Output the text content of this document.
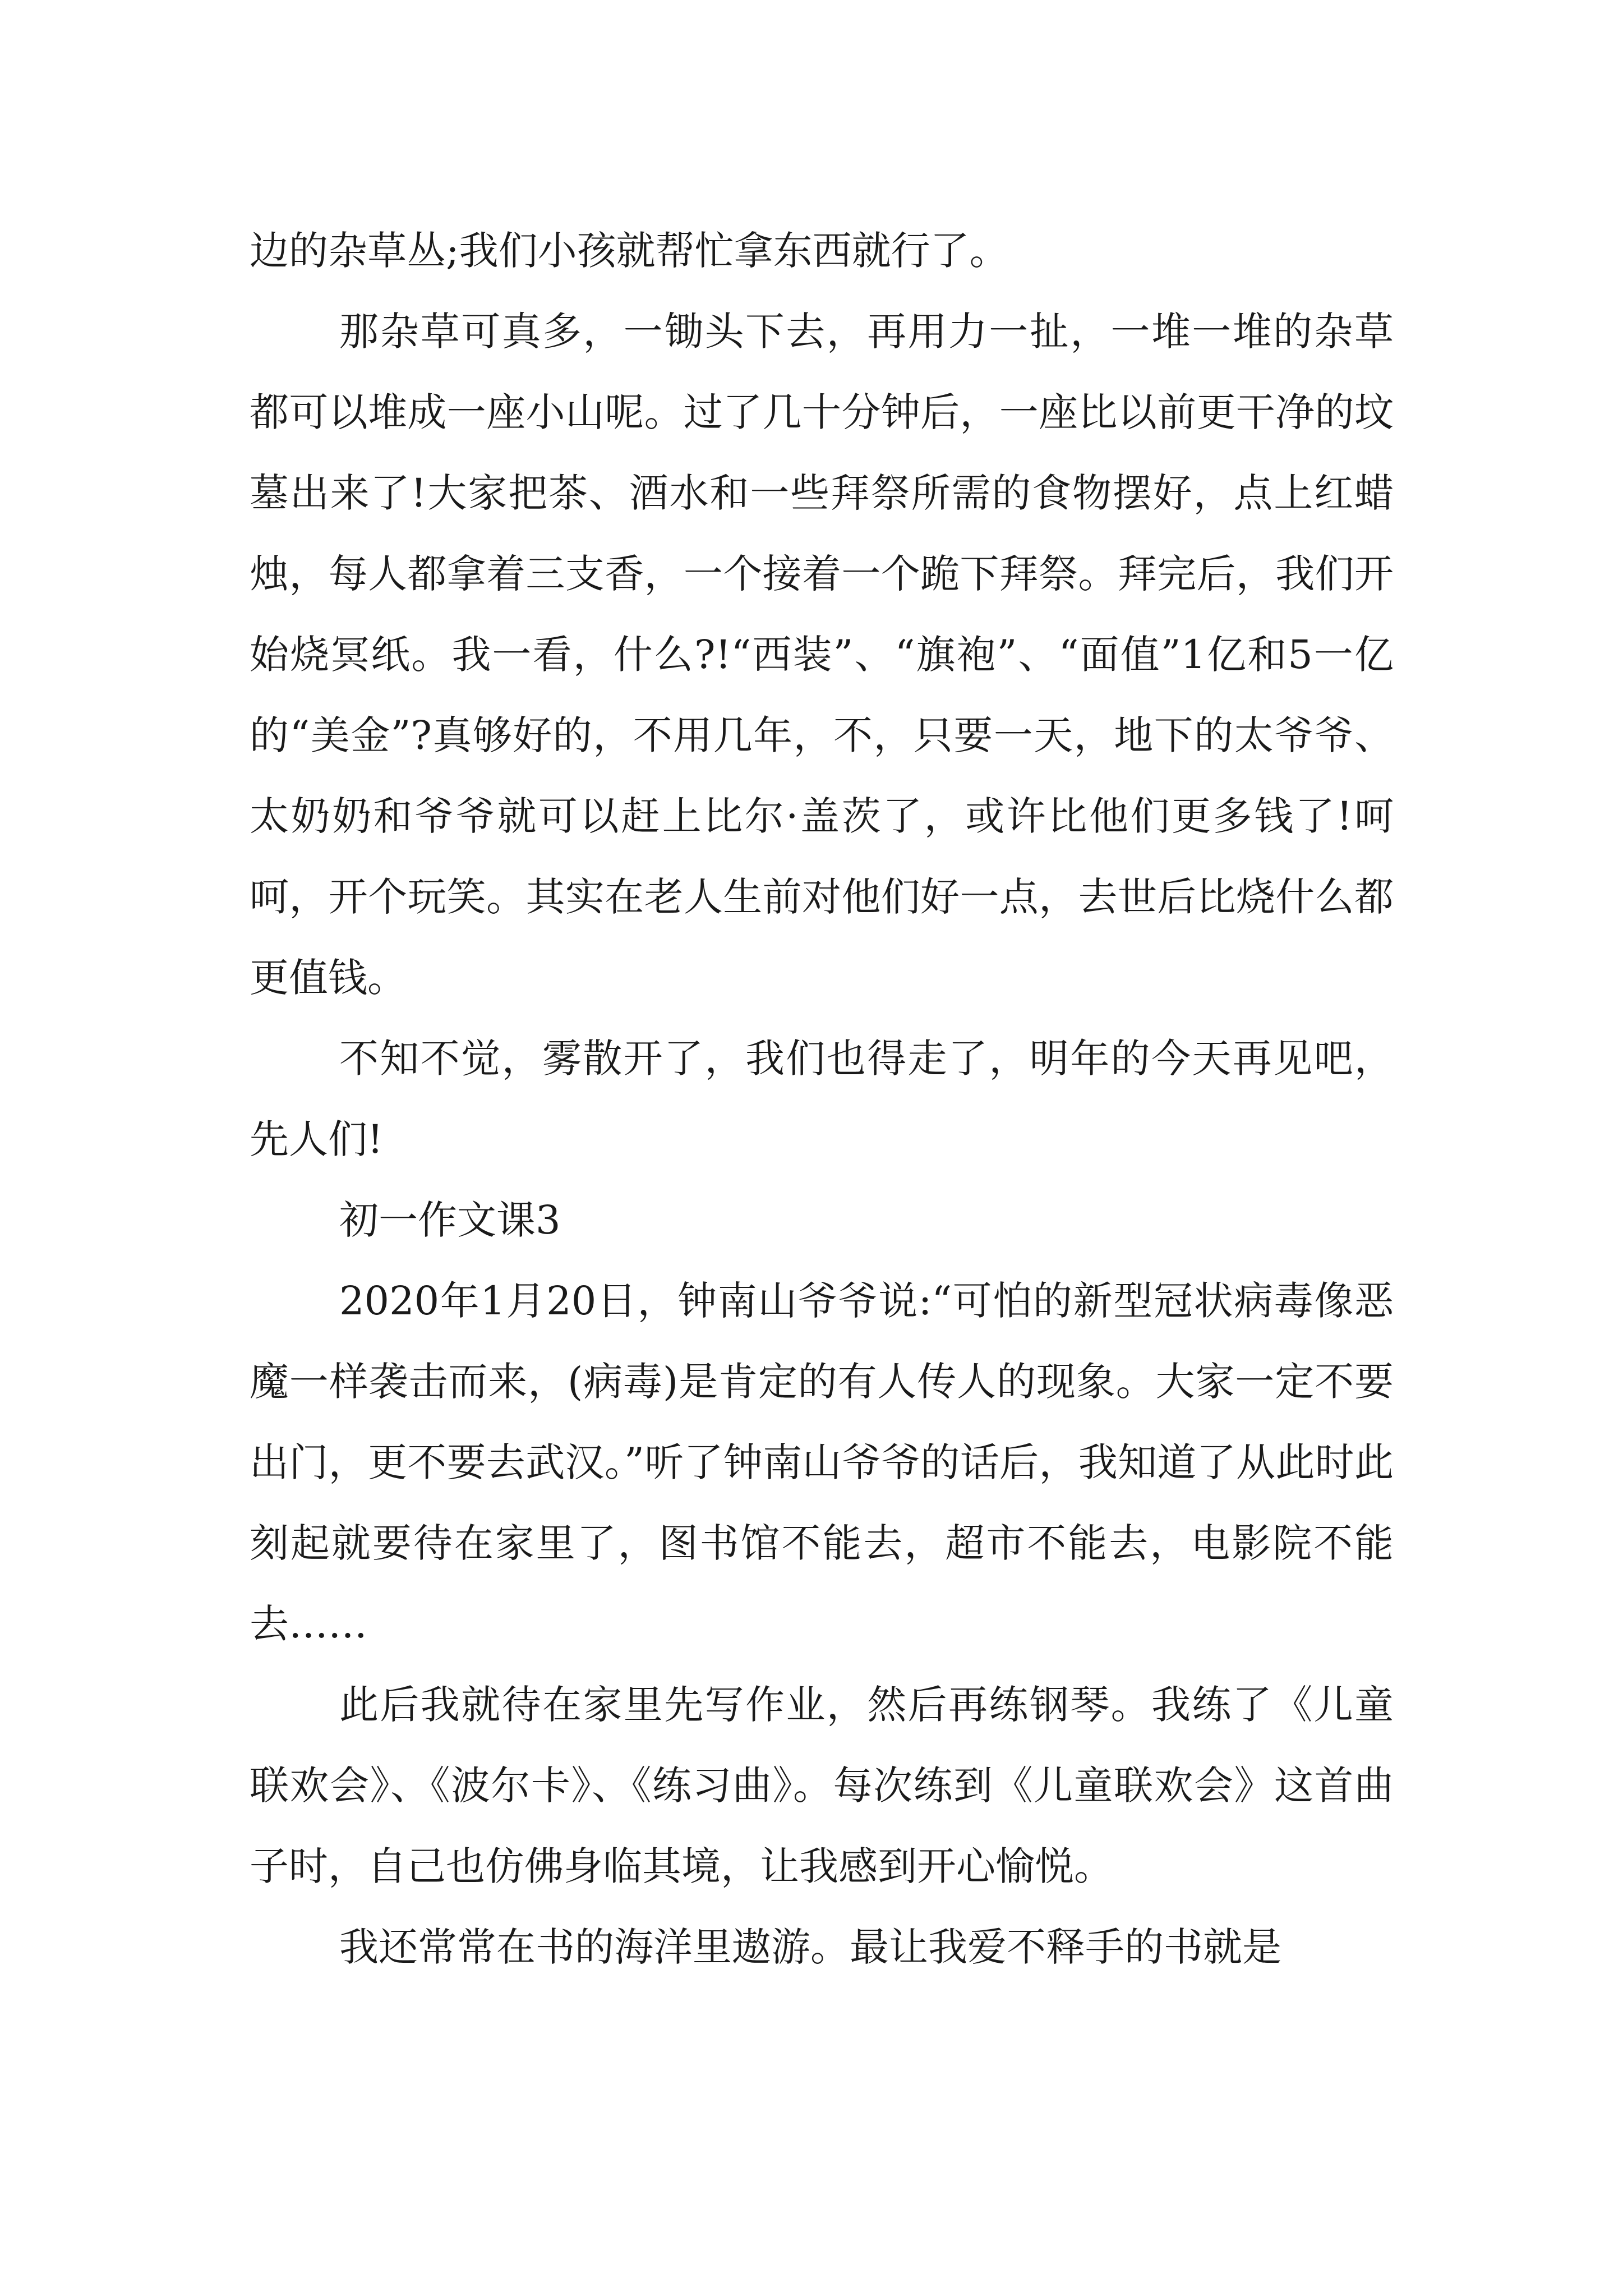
边的杂草丛;我们小孩就帮忙拿东西就行了。

那杂草可真多，一锄头下去，再用力一扯，一堆一堆的杂草都可以堆成一座小山呢。过了几十分钟后，一座比以前更干净的坟墓出来了!大家把茶、酒水和一些拜祭所需的食物摆好，点上红蜡烛，每人都拿着三支香，一个接着一个跪下拜祭。拜完后，我们开始烧冥纸。我一看，什么?!“西装”、“旗袍”、“面值”1亿和5一亿的“美金”?真够好的，不用几年，不，只要一天，地下的太爷爷、太奶奶和爷爷就可以赶上比尔·盖茨了，或许比他们更多钱了!呵呵，开个玩笑。其实在老人生前对他们好一点，去世后比烧什么都更值钱。

不知不觉，雾散开了，我们也得走了，明年的今天再见吧，先人们!

初一作文课3

2020年1月20日，钟南山爷爷说:“可怕的新型冠状病毒像恶魔一样袭击而来，(病毒)是肯定的有人传人的现象。大家一定不要出门，更不要去武汉。”听了钟南山爷爷的话后，我知道了从此时此刻起就要待在家里了，图书馆不能去，超市不能去，电影院不能去……

此后我就待在家里先写作业，然后再练钢琴。我练了《儿童联欢会》、《波尔卡》、《练习曲》。每次练到《儿童联欢会》这首曲子时，自己也仿佛身临其境，让我感到开心愉悦。

我还常常在书的海洋里遨游。最让我爱不释手的书就是
